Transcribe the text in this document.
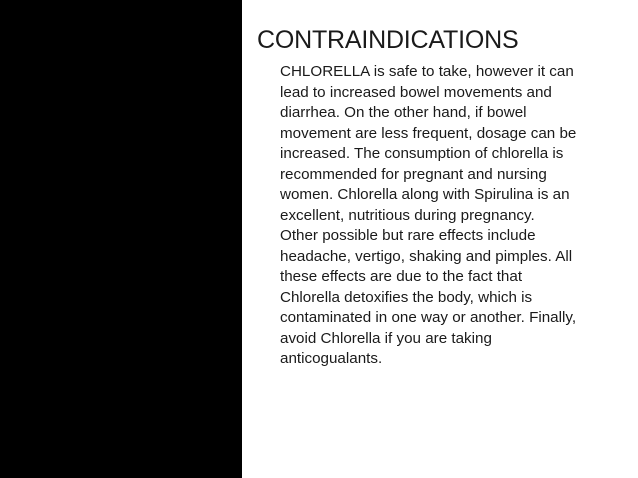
CONTRAINDICATIONS

CHLORELLA is safe to take, however it can
lead to increased bowel movements and
diarrhea. On the other hand, if bowel
movement are less frequent, dosage can be
increased. The consumption of chlorella is
recommended for pregnant and nursing
women. Chlorella along with Spirulina is an
excellent, nutritious during pregnancy.
Other possible but rare effects include
headache, vertigo, shaking and pimples. All
these effects are due to the fact that
Chlorella detoxifies the body, which is
contaminated in one way or another. Finally,
avoid Chlorella if you are taking
anticogualants.
